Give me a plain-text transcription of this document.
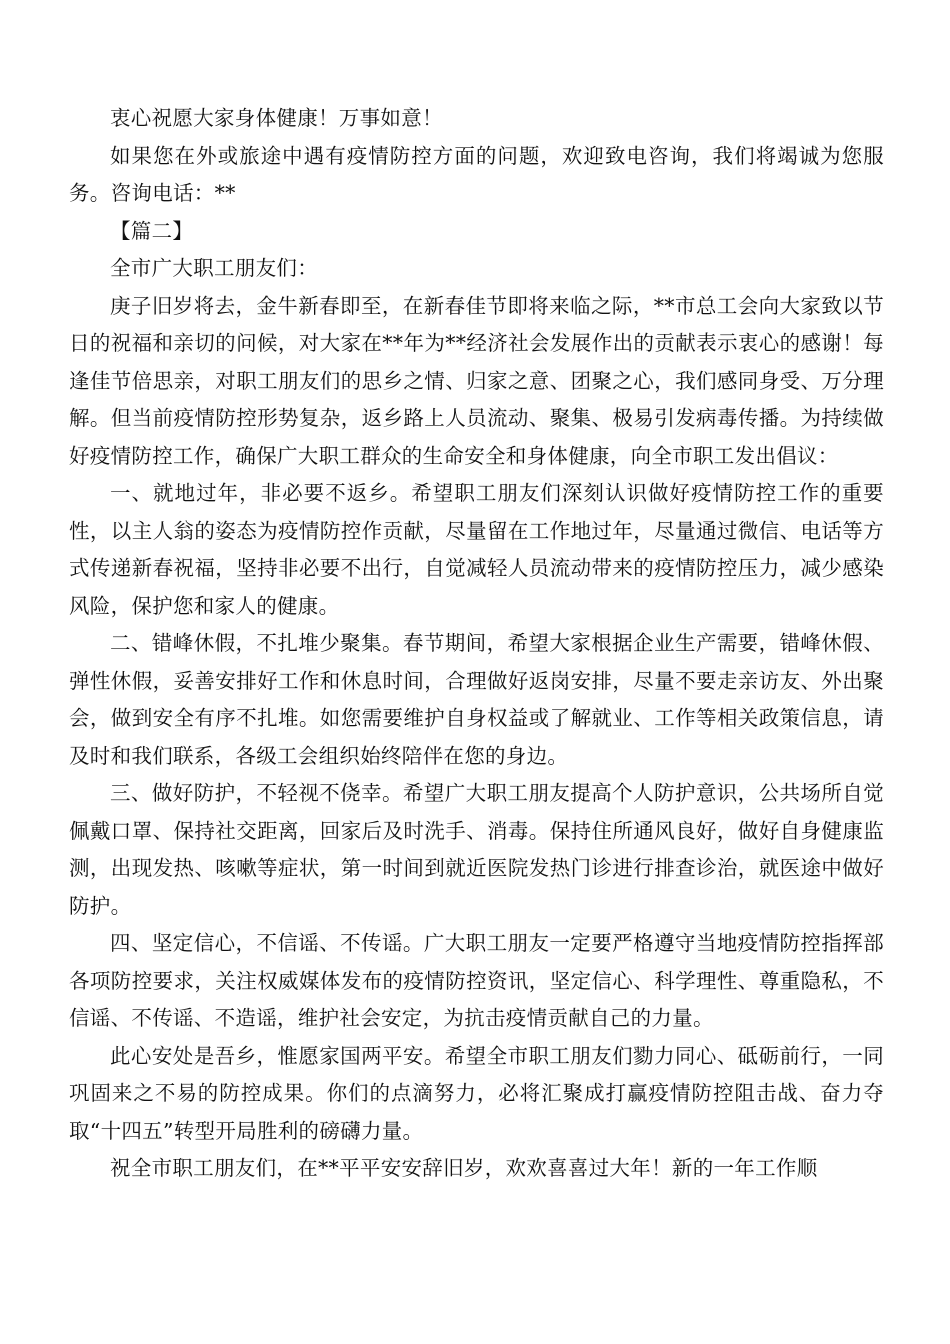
衷心祝愿大家身体健康！万事如意！

如果您在外或旅途中遇有疫情防控方面的问题，欢迎致电咨询，我们将竭诚为您服务。咨询电话：**

【篇二】

全市广大职工朋友们：

庚子旧岁将去，金牛新春即至，在新春佳节即将来临之际，**市总工会向大家致以节日的祝福和亲切的问候，对大家在**年为**经济社会发展作出的贡献表示衷心的感谢！每逢佳节倍思亲，对职工朋友们的思乡之情、归家之意、团聚之心，我们感同身受、万分理解。但当前疫情防控形势复杂，返乡路上人员流动、聚集、极易引发病毒传播。为持续做好疫情防控工作，确保广大职工群众的生命安全和身体健康，向全市职工发出倡议：

一、就地过年，非必要不返乡。希望职工朋友们深刻认识做好疫情防控工作的重要性，以主人翁的姿态为疫情防控作贡献，尽量留在工作地过年，尽量通过微信、电话等方式传递新春祝福，坚持非必要不出行，自觉减轻人员流动带来的疫情防控压力，减少感染风险，保护您和家人的健康。

二、错峰休假，不扎堆少聚集。春节期间，希望大家根据企业生产需要，错峰休假、弹性休假，妥善安排好工作和休息时间，合理做好返岗安排，尽量不要走亲访友、外出聚会，做到安全有序不扎堆。如您需要维护自身权益或了解就业、工作等相关政策信息，请及时和我们联系，各级工会组织始终陪伴在您的身边。

三、做好防护，不轻视不侥幸。希望广大职工朋友提高个人防护意识，公共场所自觉佩戴口罩、保持社交距离，回家后及时洗手、消毒。保持住所通风良好，做好自身健康监测，出现发热、咳嗽等症状，第一时间到就近医院发热门诊进行排查诊治，就医途中做好防护。

四、坚定信心，不信谣、不传谣。广大职工朋友一定要严格遵守当地疫情防控指挥部各项防控要求，关注权威媒体发布的疫情防控资讯，坚定信心、科学理性、尊重隐私，不信谣、不传谣、不造谣，维护社会安定，为抗击疫情贡献自己的力量。

此心安处是吾乡，惟愿家国两平安。希望全市职工朋友们勠力同心、砥砺前行，一同巩固来之不易的防控成果。你们的点滴努力，必将汇聚成打赢疫情防控阻击战、奋力夺取“十四五”转型开局胜利的磅礴力量。

祝全市职工朋友们，在**平平安安辞旧岁，欢欢喜喜过大年！新的一年工作顺
